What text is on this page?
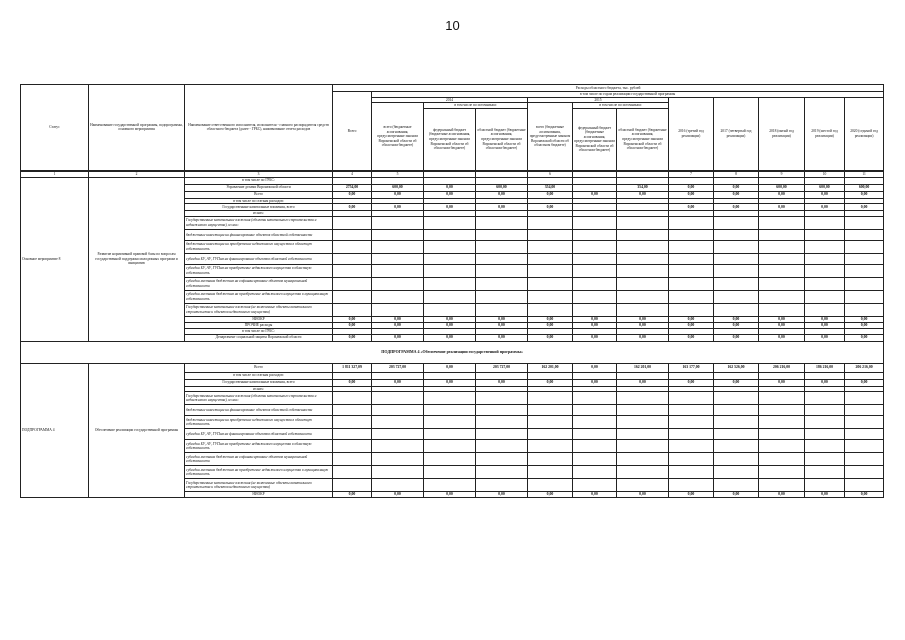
10
Статус	Наименование государственной программы, подпрограммы, основного мероприятия	Наименование ответственного исполнителя, исполнителя - главного распорядителя средств областного бюджета (далее - ГРБС), наименование отчета расходов	Расходы областного бюджета, тыс. рублей											
			Всего	в том числе по годам реализации государственной программы										
				2014			2015			2016 (третий год реализации)	2017 (четвертый год реализации)	2018 (пятый год реализации)	2019 (шестой год реализации)	2020 (седьмой год реализации)
				всего (бюджетные ассигнования, предусмотренные законом Воронежской области об областном бюджете)	в том числе по источникам:		всего (бюджетные ассигнования, предусмотренные законом Воронежской области об областном бюджете)	в том числе по источникам:						
					федеральный бюджет (бюджетные ассигнования, предусмотренные законом Воронежской области об областном бюджете)	областной бюджет (бюджетные ассигнования, предусмотренные законом Воронежской области об областном бюджете)		федеральный бюджет (бюджетные ассигнования, предусмотренные законом Воронежской области об областном бюджете)	областной бюджет (бюджетные ассигнования, предусмотренные законом Воронежской области об областном бюджете)					

1	2	3	4	5			6			7	8	9	10	11
Основное мероприятие 8	Развитие нормативной правовой базы по вопросам государственной поддержки молодежных программ и инициатив	в том числе по ГРБС:												
		Управление делами Воронежской области	2754,00	600,00	0,00	600,00	354,00		354,00	0,00	0,00	600,00	600,00	600,00
		Всего	0,00	0,00	0,00	0,00	0,00	0,00	0,00	0,00	0,00	0,00	0,00	0,00
		в том числе по статьям расходов:												
		Государственные капитальные вложения, всего	0,00	0,00	0,00	0,00	0,00			0,00	0,00	0,00	0,00	0,00
		из них:												
		Государственные капитальные вложения (объекты капитального строительства и недвижимого имущества), из них:												
		бюджетные инвестиции на финансирование объектов областной собственности												
		бюджетные инвестиции на приобретение недвижимого имущества в областную собственность												
		субсидии БУ, АУ, ГУПам на финансирование объектов областной собственности												
		субсидии БУ, АУ, ГУПам на приобретение недвижимого имущества в областную собственность												
		субсидии местным бюджетам на софинансирование объектов муниципальной собственности												
		субсидии местным бюджетам на приобретение недвижимого имущества в муниципальную собственность												
		Государственные капитальные вложения (не включенные объекты капитального строительства и объектов недвижимого имущества)												
		НИОКР	0,00	0,00	0,00	0,00	0,00	0,00	0,00	0,00	0,00	0,00	0,00	0,00
		ПРОЧИЕ расходы	0,00	0,00	0,00	0,00	0,00	0,00	0,00	0,00	0,00	0,00	0,00	0,00
		в том числе по ГРБС:												
		Департамент социальной защиты Воронежской области	0,00	0,00	0,00	0,00	0,00	0,00	0,00	0,00	0,00	0,00	0,00	0,00
ПОДПРОГРАММА 4 «Обеспечение реализации государственной программы»														
ПОДПРОГРАММА 4	Обеспечение реализации государственной программы	Всего	1 811 327,09	203 727,00	0,00	203 727,00	162 201,00	0,00	162 201,00	163 177,00	162 526,00	206 216,00	186 216,00	206 216,00
		в том числе по статьям расходов:												
		Государственные капитальные вложения, всего	0,00	0,00	0,00	0,00	0,00	0,00	0,00	0,00	0,00	0,00	0,00	0,00
		из них:												
		Государственные капитальные вложения (объекты капитального строительства и недвижимого имущества), из них:												
		бюджетные инвестиции на финансирование объектов областной собственности												
		бюджетные инвестиции на приобретение недвижимого имущества в областную собственность												
		субсидии БУ, АУ, ГУПам на финансирование объектов областной собственности												
		субсидии БУ, АУ, ГУПам на приобретение недвижимого имущества в областную собственность												
		субсидии местным бюджетам на софинансирование объектов муниципальной собственности												
		субсидии местным бюджетам на приобретение недвижимого имущества в муниципальную собственность												
		Государственные капитальные вложения (не включенные объекты капитального строительства и объектов недвижимого имущества)												
		НИОКР	0,00	0,00	0,00	0,00	0,00	0,00	0,00	0,00	0,00	0,00	0,00	0,00
